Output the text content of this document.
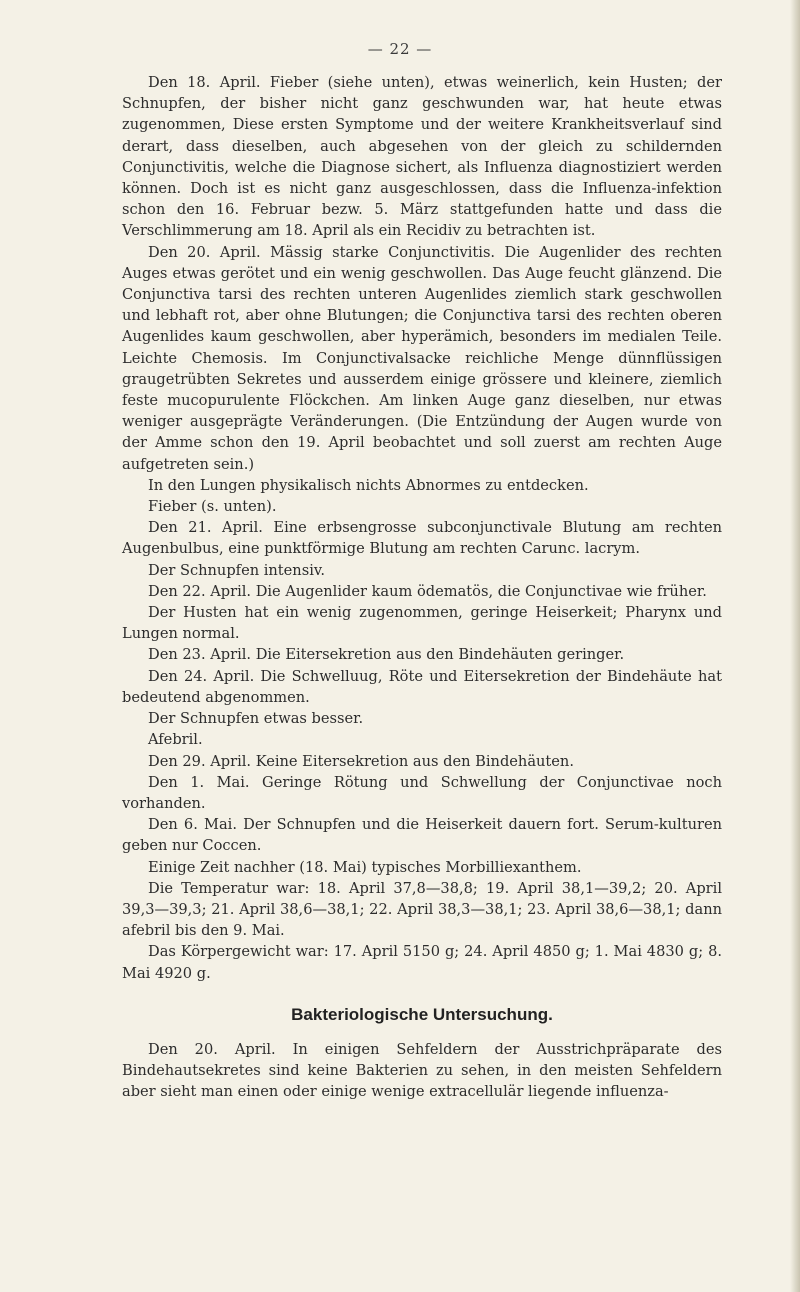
— 22 —

Den 18. April. Fieber (siehe unten), etwas weinerlich, kein Husten; der Schnupfen, der bisher nicht ganz geschwunden war, hat heute etwas zugenommen, Diese ersten Symptome und der weitere Krankheitsverlauf sind derart, dass dieselben, auch abgesehen von der gleich zu schildernden Conjunctivitis, welche die Diagnose sichert, als Influenza diagnostiziert werden können. Doch ist es nicht ganz ausgeschlossen, dass die Influenza-infektion schon den 16. Februar bezw. 5. März stattgefunden hatte und dass die Verschlimmerung am 18. April als ein Recidiv zu betrachten ist.

Den 20. April. Mässig starke Conjunctivitis. Die Augenlider des rechten Auges etwas gerötet und ein wenig geschwollen. Das Auge feucht glänzend. Die Conjunctiva tarsi des rechten unteren Augenlides ziemlich stark geschwollen und lebhaft rot, aber ohne Blutungen; die Conjunctiva tarsi des rechten oberen Augenlides kaum geschwollen, aber hyperämich, besonders im medialen Teile. Leichte Chemosis. Im Conjunctivalsacke reichliche Menge dünnflüssigen graugetrübten Sekretes und ausserdem einige grössere und kleinere, ziemlich feste mucopurulente Flöckchen. Am linken Auge ganz dieselben, nur etwas weniger ausgeprägte Veränderungen. (Die Entzündung der Augen wurde von der Amme schon den 19. April beobachtet und soll zuerst am rechten Auge aufgetreten sein.)

In den Lungen physikalisch nichts Abnormes zu entdecken.

Fieber (s. unten).

Den 21. April. Eine erbsengrosse subconjunctivale Blutung am rechten Augenbulbus, eine punktförmige Blutung am rechten Carunc. lacrym.

Der Schnupfen intensiv.

Den 22. April. Die Augenlider kaum ödematös, die Conjunctivae wie früher.

Der Husten hat ein wenig zugenommen, geringe Heiserkeit; Pharynx und Lungen normal.

Den 23. April. Die Eitersekretion aus den Bindehäuten geringer.

Den 24. April. Die Schwelluug, Röte und Eitersekretion der Bindehäute hat bedeutend abgenommen.

Der Schnupfen etwas besser.

Afebril.

Den 29. April. Keine Eitersekretion aus den Bindehäuten.

Den 1. Mai. Geringe Rötung und Schwellung der Conjunctivae noch vorhanden.

Den 6. Mai. Der Schnupfen und die Heiserkeit dauern fort. Serum-kulturen geben nur Coccen.

Einige Zeit nachher (18. Mai) typisches Morbilliexanthem.

Die Temperatur war: 18. April 37,8—38,8; 19. April 38,1—39,2; 20. April 39,3—39,3; 21. April 38,6—38,1; 22. April 38,3—38,1; 23. April 38,6—38,1; dann afebril bis den 9. Mai.

Das Körpergewicht war: 17. April 5150 g; 24. April 4850 g; 1. Mai 4830 g; 8. Mai 4920 g.

Bakteriologische Untersuchung.

Den 20. April. In einigen Sehfeldern der Ausstrichpräparate des Bindehautsekretes sind keine Bakterien zu sehen, in den meisten Sehfeldern aber sieht man einen oder einige wenige extracellulär liegende influenza-
